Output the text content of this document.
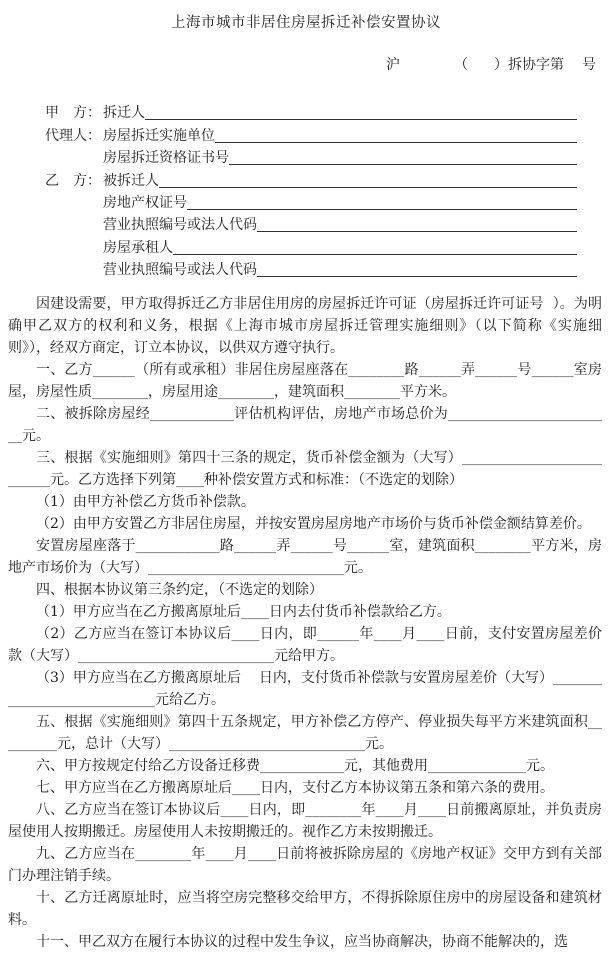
上海市城市非居住房屋拆迁补偿安置协议
沪	（ ）拆协字第 号
甲　方： 拆迁人
代理人： 房屋拆迁实施单位
房屋拆迁资格证书号
乙　方： 被拆迁人
房地产权证号
营业执照编号或法人代码
房屋承租人
营业执照编号或法人代码

因建设需要，甲方取得拆迁乙方非居住用房的房屋拆迁许可证（房屋拆迁许可证号  ）。为明确甲乙双方的权利和义务，根据《上海市城市房屋拆迁管理实施细则》（以下简称《实施细则》），经双方商定，订立本协议，以供双方遵守执行。

一、乙方______（所有或承租）非居住房屋座落在________路______弄______号______室房屋，房屋性质________，房屋用途________，建筑面积________平方米。

二、被拆除房屋经____________评估机构评估，房地产市场总价为________________________元。

三、根据《实施细则》第四十三条的规定，货币补偿金额为（大写）__________________________元。乙方选择下列第____种补偿安置方式和标准：（不选定的划除）

（1）由甲方补偿乙方货币补偿款。

（2）由甲方安置乙方非居住房屋，并按安置房屋房地产市场价与货币补偿金额结算差价。

安置房屋座落于____________路______弄______号______室，建筑面积________平方米，房地产市场价为（大写）____________________________元。

四、根据本协议第三条约定，（不选定的划除）

（1）甲方应当在乙方搬离原址后____日内去付货币补偿款给乙方。

（2）乙方应当在签订本协议后____日内，即______年____月____日前，支付安置房屋差价款（大写）____________________________元给甲方。

（3）甲方应当在乙方搬离原址后    日内，支付货币补偿款与安置房屋差价（大写）____________________________元给乙方。

五、根据《实施细则》第四十五条规定，甲方补偿乙方停产、停业损失每平方米建筑面积_________元，总计（大写）____________________________元。

六、甲方按规定付给乙方设备迁移费____________元，其他费用______________元。

七、甲方应当在乙方搬离原址后____日内，支付乙方本协议第五条和第六条的费用。

八、乙方应当在签订本协议后____日内，即________年____月____日前搬离原址，并负责房屋使用人按期搬迁。房屋使用人未按期搬迁的。视作乙方未按期搬迁。

九、乙方应当在________年____月____日前将被拆除房屋的《房地产权证》交甲方到有关部门办理注销手续。

十、乙方迁离原址时，应当将空房完整移交给甲方，不得拆除原住房中的房屋设备和建筑材料。

十一、甲乙双方在履行本协议的过程中发生争议，应当协商解决，协商不能解决的，选
